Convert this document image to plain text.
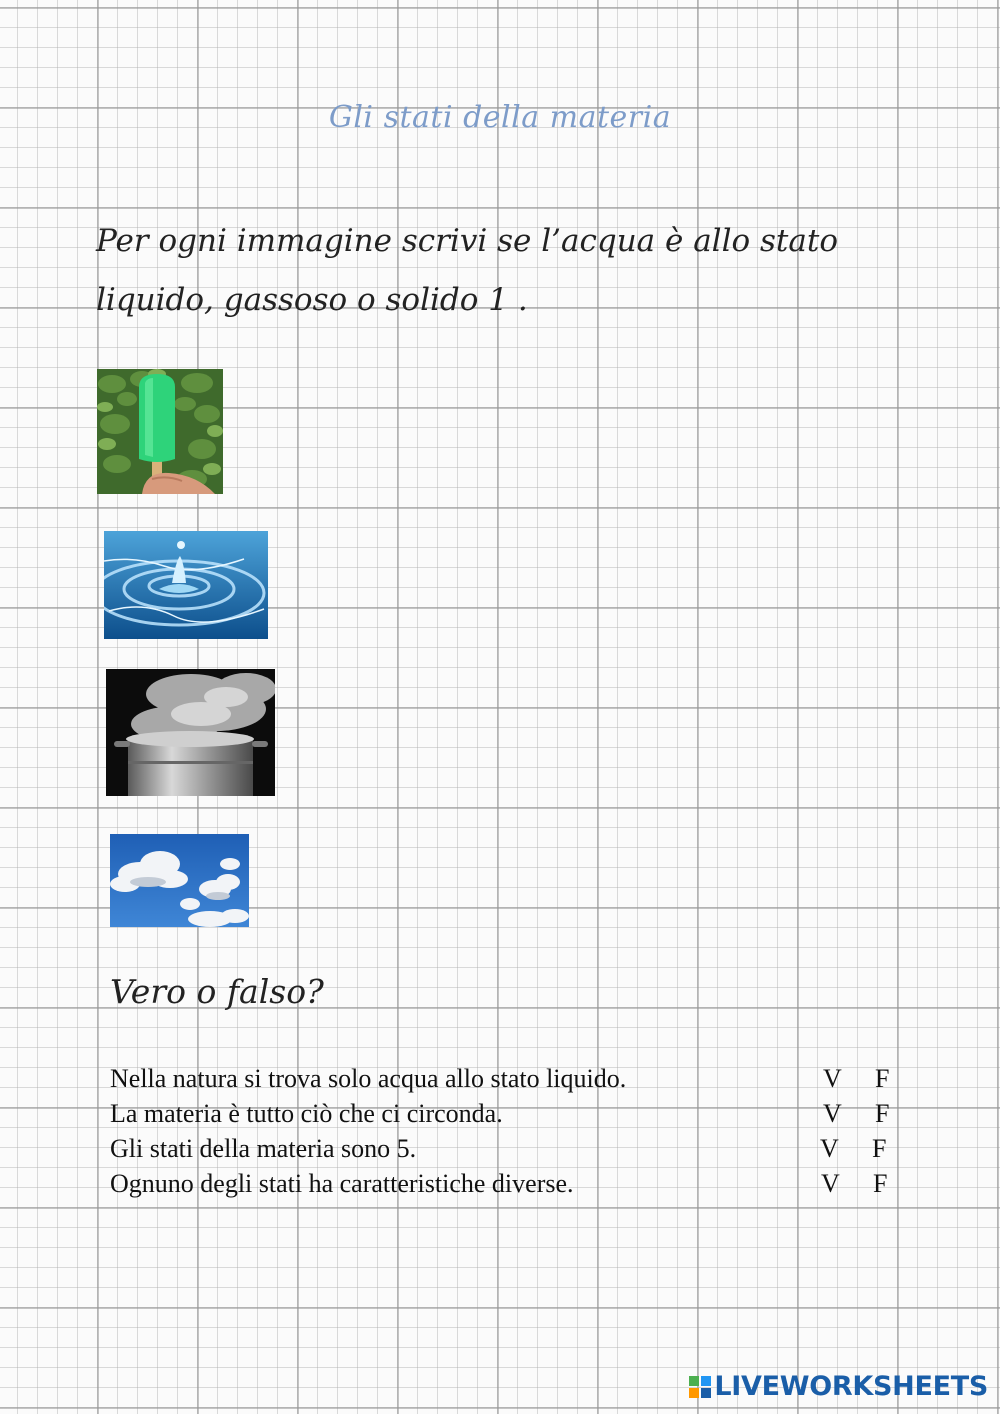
Gli stati della materia
Per ogni immagine scrivi se l’acqua è allo stato
liquido, gassoso o solido 1 .
Vero o falso?
Nella natura si trova solo acqua allo stato liquido.	V F
La materia è tutto ciò che ci circonda.	V F
Gli stati della materia sono 5.	V F
Ognuno degli stati ha caratteristiche diverse.	V F
LIVEWORKSHEETS
